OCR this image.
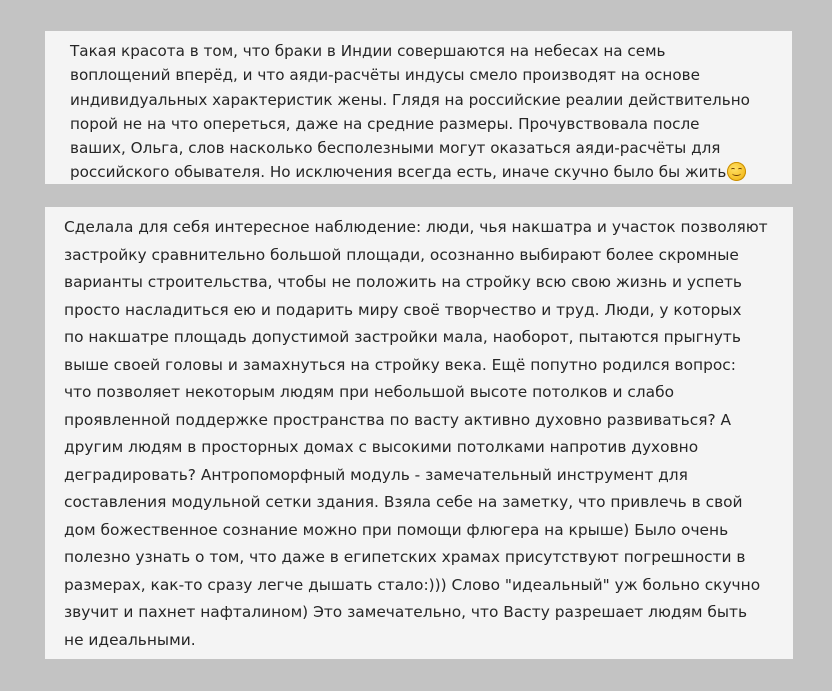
Такая красота в том, что браки в Индии совершаются на небесах на семь
воплощений вперёд, и что аяди-расчёты индусы смело производят на основе
индивидуальных характеристик жены. Глядя на российские реалии действительно
порой не на что опереться, даже на средние размеры. Прочувствовала после
ваших, Ольга, слов насколько бесполезными могут оказаться аяди-расчёты для
российского обывателя. Но исключения всегда есть, иначе скучно было бы жить
Сделала для себя интересное наблюдение: люди, чья накшатра и участок позволяют
застройку сравнительно большой площади, осознанно выбирают более скромные
варианты строительства, чтобы не положить на стройку всю свою жизнь и успеть
просто насладиться ею и подарить миру своё творчество и труд. Люди, у которых
по накшатре площадь допустимой застройки мала, наоборот, пытаются прыгнуть
выше своей головы и замахнуться на стройку века. Ещё попутно родился вопрос:
что позволяет некоторым людям при небольшой высоте потолков и слабо
проявленной поддержке пространства по васту активно духовно развиваться? А
другим людям в просторных домах с высокими потолками напротив духовно
деградировать? Антропоморфный модуль - замечательный инструмент для
составления модульной сетки здания. Взяла себе на заметку, что привлечь в свой
дом божественное сознание можно при помощи флюгера на крыше) Было очень
полезно узнать о том, что даже в египетских храмах присутствуют погрешности в
размерах, как-то сразу легче дышать стало:))) Слово "идеальный" уж больно скучно
звучит и пахнет нафталином) Это замечательно, что Васту разрешает людям быть
не идеальными.
